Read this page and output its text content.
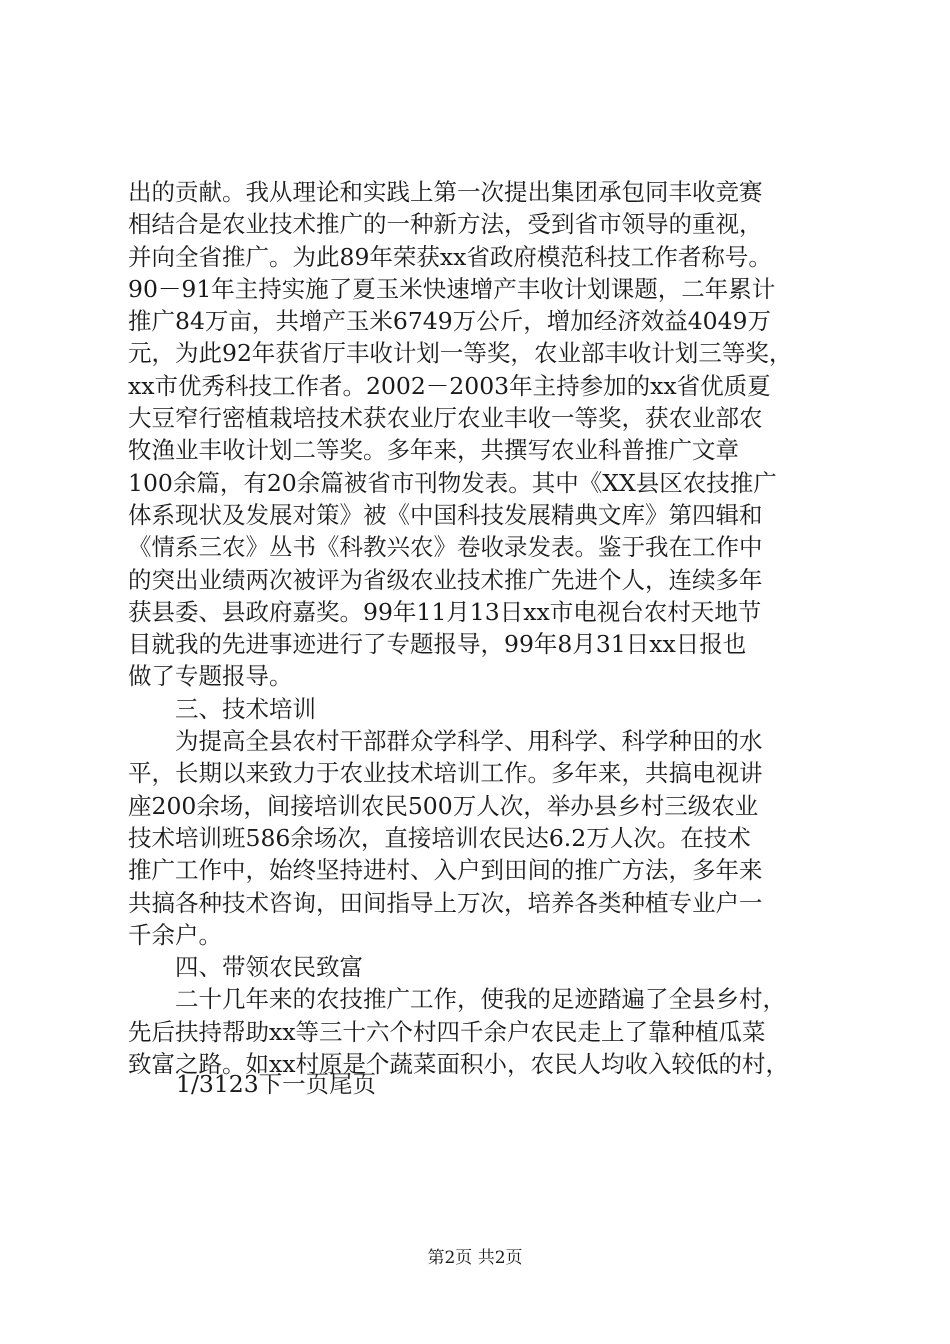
出的贡献。我从理论和实践上第一次提出集团承包同丰收竞赛
相结合是农业技术推广的一种新方法，受到省市领导的重视，
并向全省推广。为此89年荣获xx省政府模范科技工作者称号。
90－91年主持实施了夏玉米快速增产丰收计划课题，二年累计
推广84万亩，共增产玉米6749万公斤，增加经济效益4049万
元，为此92年获省厅丰收计划一等奖，农业部丰收计划三等奖，
xx市优秀科技工作者。2002－2003年主持参加的xx省优质夏
大豆窄行密植栽培技术获农业厅农业丰收一等奖，获农业部农
牧渔业丰收计划二等奖。多年来，共撰写农业科普推广文章
100余篇，有20余篇被省市刊物发表。其中《XX县区农技推广
体系现状及发展对策》被《中国科技发展精典文库》第四辑和
《情系三农》丛书《科教兴农》卷收录发表。鉴于我在工作中
的突出业绩两次被评为省级农业技术推广先进个人，连续多年
获县委、县政府嘉奖。99年11月13日xx市电视台农村天地节
目就我的先进事迹进行了专题报导，99年8月31日xx日报也
做了专题报导。
　　三、技术培训
　　为提高全县农村干部群众学科学、用科学、科学种田的水
平，长期以来致力于农业技术培训工作。多年来，共搞电视讲
座200余场，间接培训农民500万人次，举办县乡村三级农业
技术培训班586余场次，直接培训农民达6.2万人次。在技术
推广工作中，始终坚持进村、入户到田间的推广方法，多年来
共搞各种技术咨询，田间指导上万次，培养各类种植专业户一
千余户。
　　四、带领农民致富
　　二十几年来的农技推广工作，使我的足迹踏遍了全县乡村，
先后扶持帮助xx等三十六个村四千余户农民走上了靠种植瓜菜
致富之路。如xx村原是个蔬菜面积小，农民人均收入较低的村，
1/3123下一页尾页
第2页 共2页
